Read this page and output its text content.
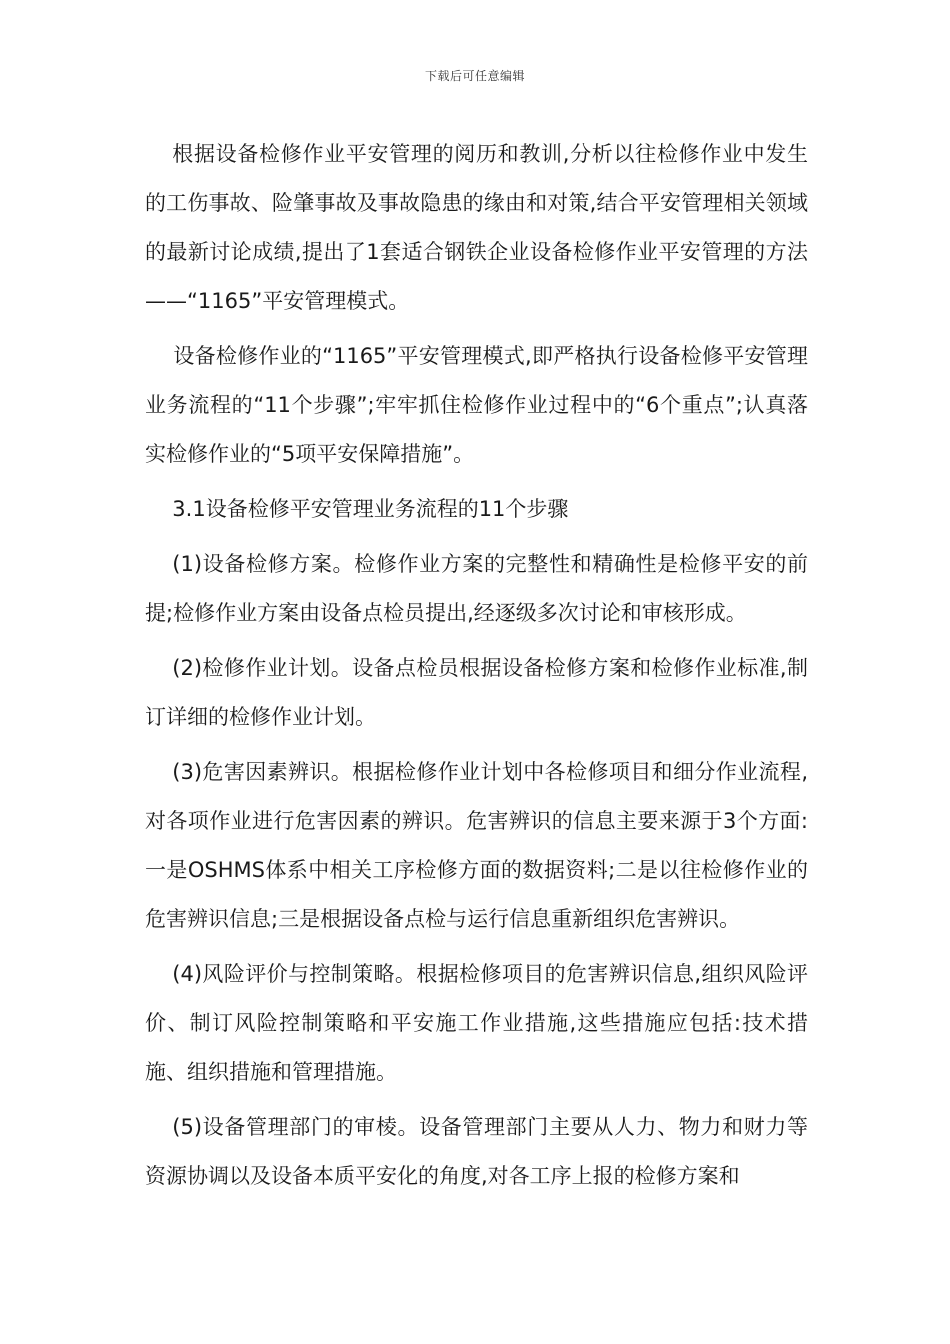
下载后可任意编辑

根据设备检修作业平安管理的阅历和教训,分析以往检修作业中发生的工伤事故、险肇事故及事故隐患的缘由和对策,结合平安管理相关领域的最新讨论成绩,提出了1套适合钢铁企业设备检修作业平安管理的方法——“1165”平安管理模式。

设备检修作业的“1165”平安管理模式,即严格执行设备检修平安管理业务流程的“11个步骤”;牢牢抓住检修作业过程中的“6个重点”;认真落实检修作业的“5项平安保障措施”。

3.1设备检修平安管理业务流程的11个步骤

(1)设备检修方案。检修作业方案的完整性和精确性是检修平安的前提;检修作业方案由设备点检员提出,经逐级多次讨论和审核形成。

(2)检修作业计划。设备点检员根据设备检修方案和检修作业标准,制订详细的检修作业计划。

(3)危害因素辨识。根据检修作业计划中各检修项目和细分作业流程,对各项作业进行危害因素的辨识。危害辨识的信息主要来源于3个方面:一是OSHMS体系中相关工序检修方面的数据资料;二是以往检修作业的危害辨识信息;三是根据设备点检与运行信息重新组织危害辨识。

(4)风险评价与控制策略。根据检修项目的危害辨识信息,组织风险评价、制订风险控制策略和平安施工作业措施,这些措施应包括:技术措施、组织措施和管理措施。

(5)设备管理部门的审棱。设备管理部门主要从人力、物力和财力等资源协调以及设备本质平安化的角度,对各工序上报的检修方案和
